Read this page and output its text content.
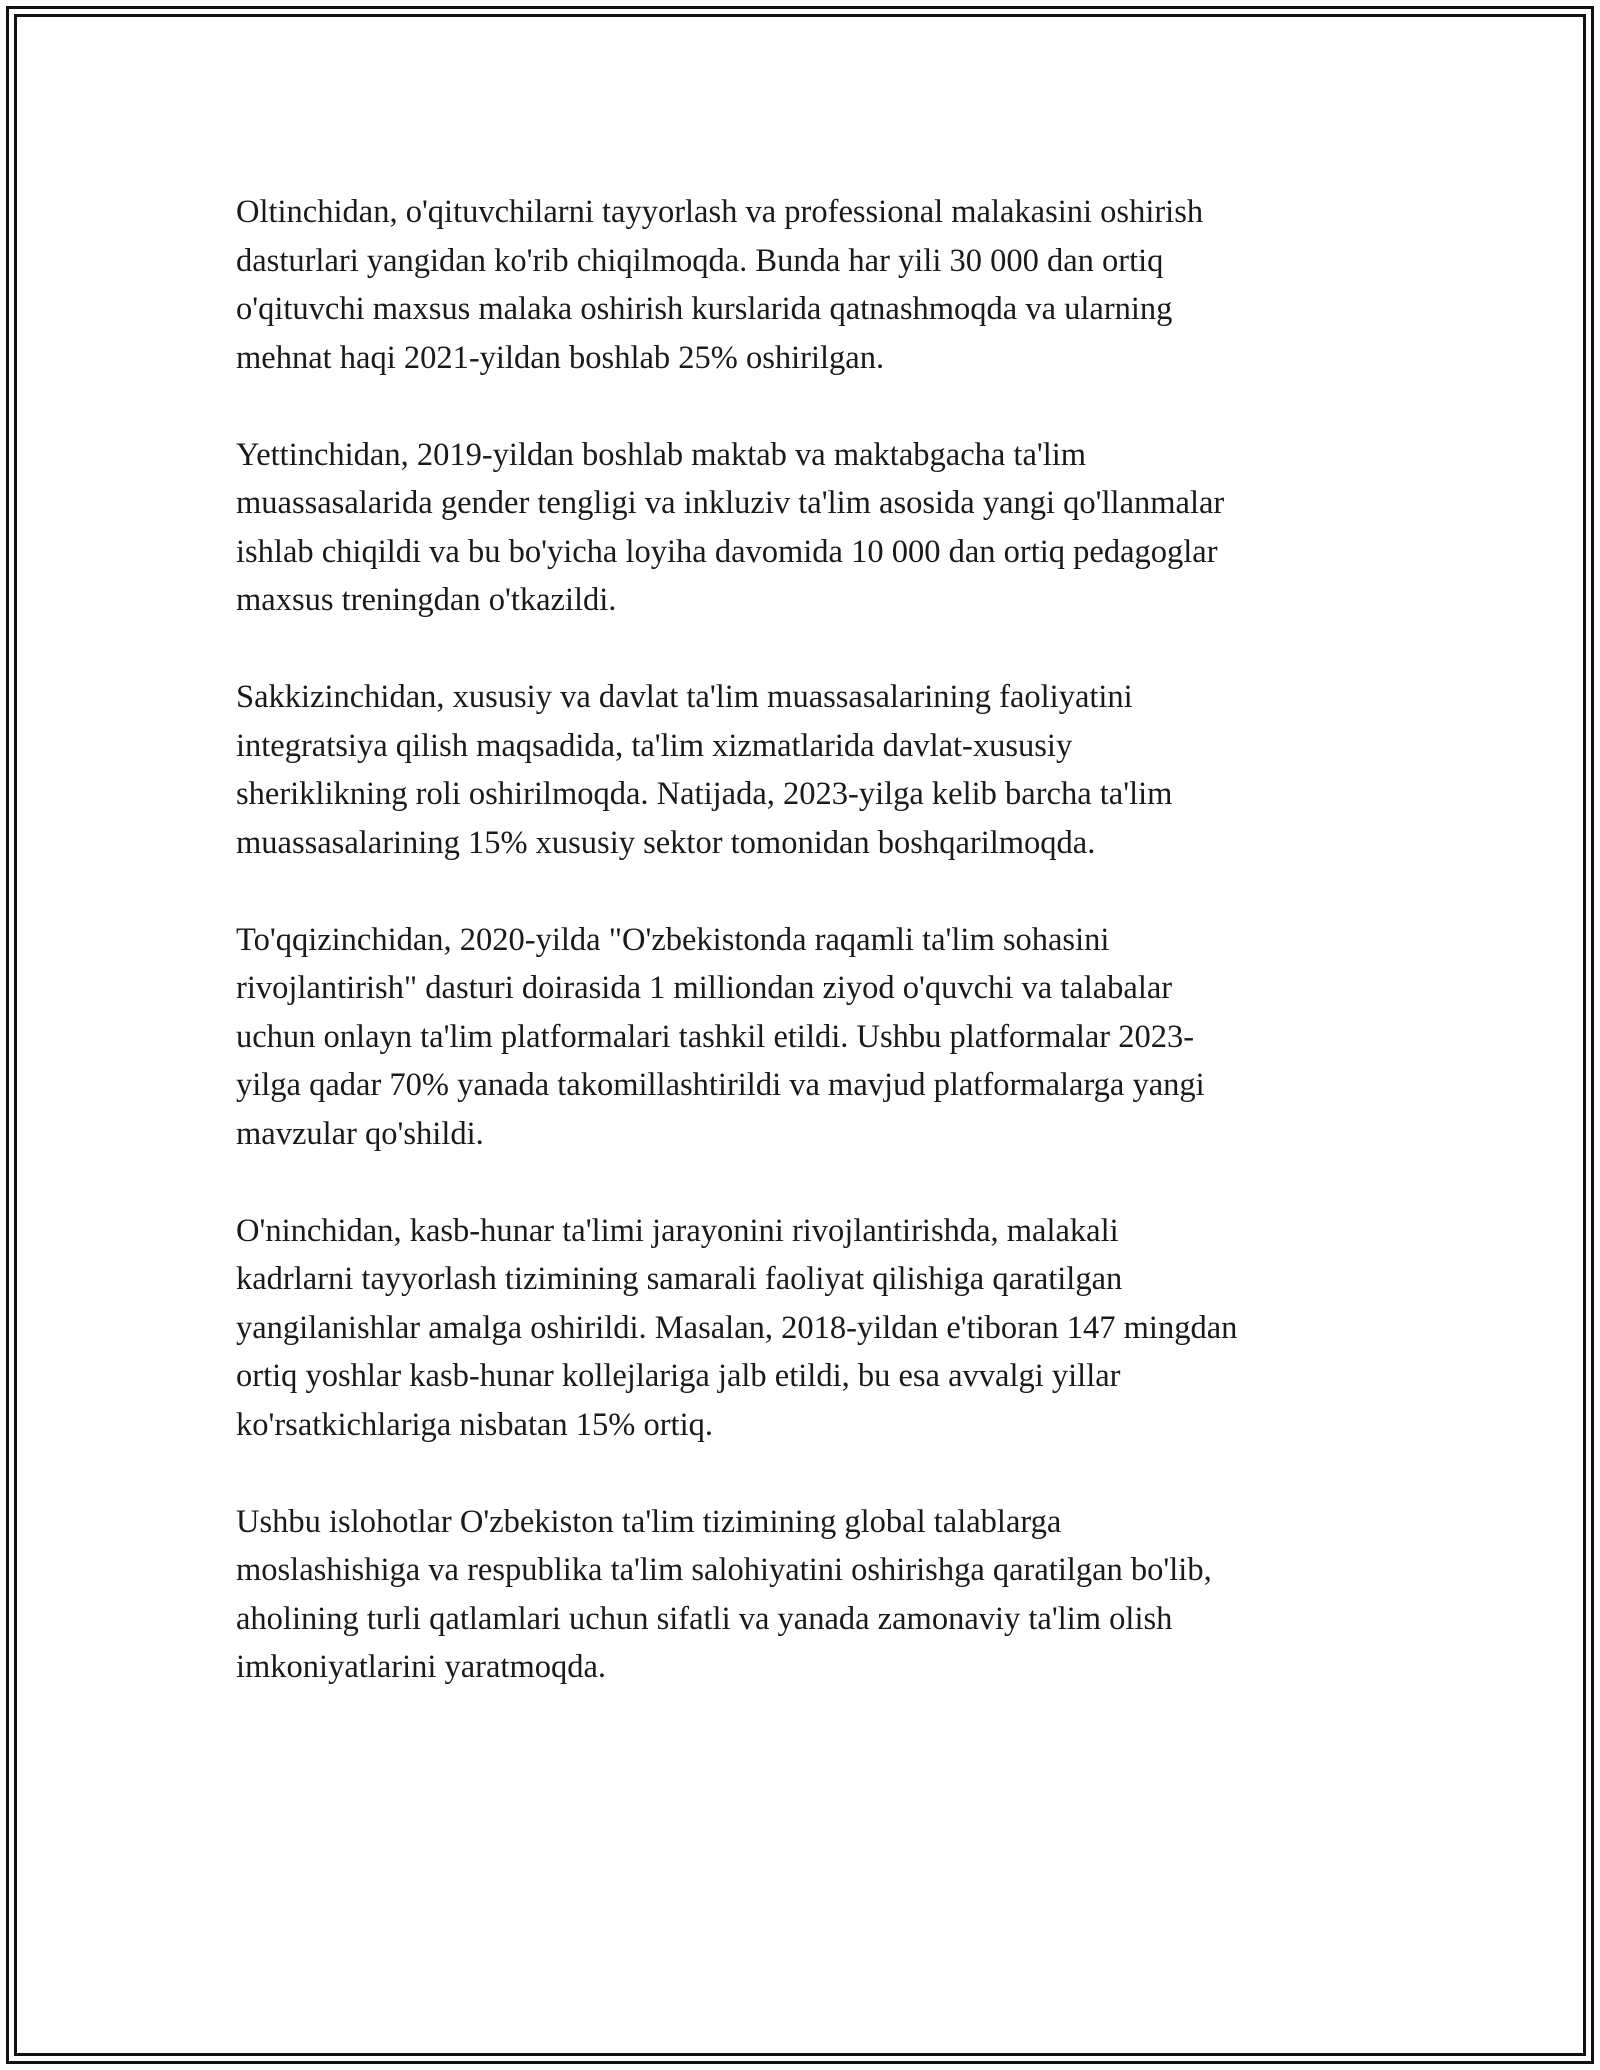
Oltinchidan, o'qituvchilarni tayyorlash va professional malakasini oshirish
dasturlari yangidan ko'rib chiqilmoqda. Bunda har yili 30 000 dan ortiq
o'qituvchi maxsus malaka oshirish kurslarida qatnashmoqda va ularning
mehnat haqi 2021-yildan boshlab 25% oshirilgan.

Yettinchidan, 2019-yildan boshlab maktab va maktabgacha ta'lim
muassasalarida gender tengligi va inkluziv ta'lim asosida yangi qo'llanmalar
ishlab chiqildi va bu bo'yicha loyiha davomida 10 000 dan ortiq pedagoglar
maxsus treningdan o'tkazildi.

Sakkizinchidan, xususiy va davlat ta'lim muassasalarining faoliyatini
integratsiya qilish maqsadida, ta'lim xizmatlarida davlat-xususiy
sheriklikning roli oshirilmoqda. Natijada, 2023-yilga kelib barcha ta'lim
muassasalarining 15% xususiy sektor tomonidan boshqarilmoqda.

To'qqizinchidan, 2020-yilda "O'zbekistonda raqamli ta'lim sohasini
rivojlantirish" dasturi doirasida 1 milliondan ziyod o'quvchi va talabalar
uchun onlayn ta'lim platformalari tashkil etildi. Ushbu platformalar 2023-
yilga qadar 70% yanada takomillashtirildi va mavjud platformalarga yangi
mavzular qo'shildi.

O'ninchidan, kasb-hunar ta'limi jarayonini rivojlantirishda, malakali
kadrlarni tayyorlash tizimining samarali faoliyat qilishiga qaratilgan
yangilanishlar amalga oshirildi. Masalan, 2018-yildan e'tiboran 147 mingdan
ortiq yoshlar kasb-hunar kollejlariga jalb etildi, bu esa avvalgi yillar
ko'rsatkichlariga nisbatan 15% ortiq.

Ushbu islohotlar O'zbekiston ta'lim tizimining global talablarga
moslashishiga va respublika ta'lim salohiyatini oshirishga qaratilgan bo'lib,
aholining turli qatlamlari uchun sifatli va yanada zamonaviy ta'lim olish
imkoniyatlarini yaratmoqda.
